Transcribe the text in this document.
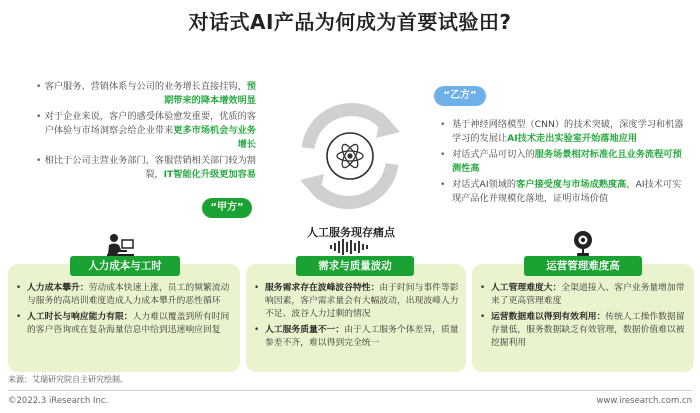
对话式AI产品为何成为首要试验田?
• 客户服务、营销体系与公司的业务增长直接挂钩，预期带来的降本增效明显
• 对于企业来说，客户的感受体验愈发重要，优质的客户体验与市场洞察会给企业带来更多市场机会与业务增长
• 相比于公司主营业务部门，客服营销相关部门较为割裂，IT智能化升级更加容易
“甲方”
“乙方”
• 基于神经网络模型（CNN）的技术突破，深度学习和机器学习的发展让AI技术走出实验室开始落地应用
• 对话式产品可切入的服务场景相对标准化且业务流程可预测性高
• 对话式AI领域的客户接受度与市场成熟度高，AI技术可实现产品化并规模化落地，证明市场价值
人工服务现存痛点
人力成本与工时
• 人力成本攀升：劳动成本快速上涨，员工的频繁流动与服务的高培训难度造成人力成本攀升的恶性循环
• 人工时长与响应能力有限：人力难以覆盖到所有时间的客户咨询或在复杂海量信息中给到迅速响应回复
需求与质量波动
• 服务需求存在波峰波谷特性：由于时间与事件等影响因素，客户需求量会有大幅波动，出现波峰人力不足、波谷人力过剩的情况
• 人工服务质量不一：由于人工服务个体差异，质量参差不齐，难以得到完全统一
运营管理难度高
• 人工管理难度大：全渠道接入、客户业务量增加带来了更高管理难度
• 运营数据难以得到有效利用：传统人工操作数据留存量低，服务数据缺乏有效管理，数据价值难以被挖掘利用
来源：艾瑞研究院自主研究绘制。
©2022.3 iResearch Inc.	www.iresearch.com.cn
